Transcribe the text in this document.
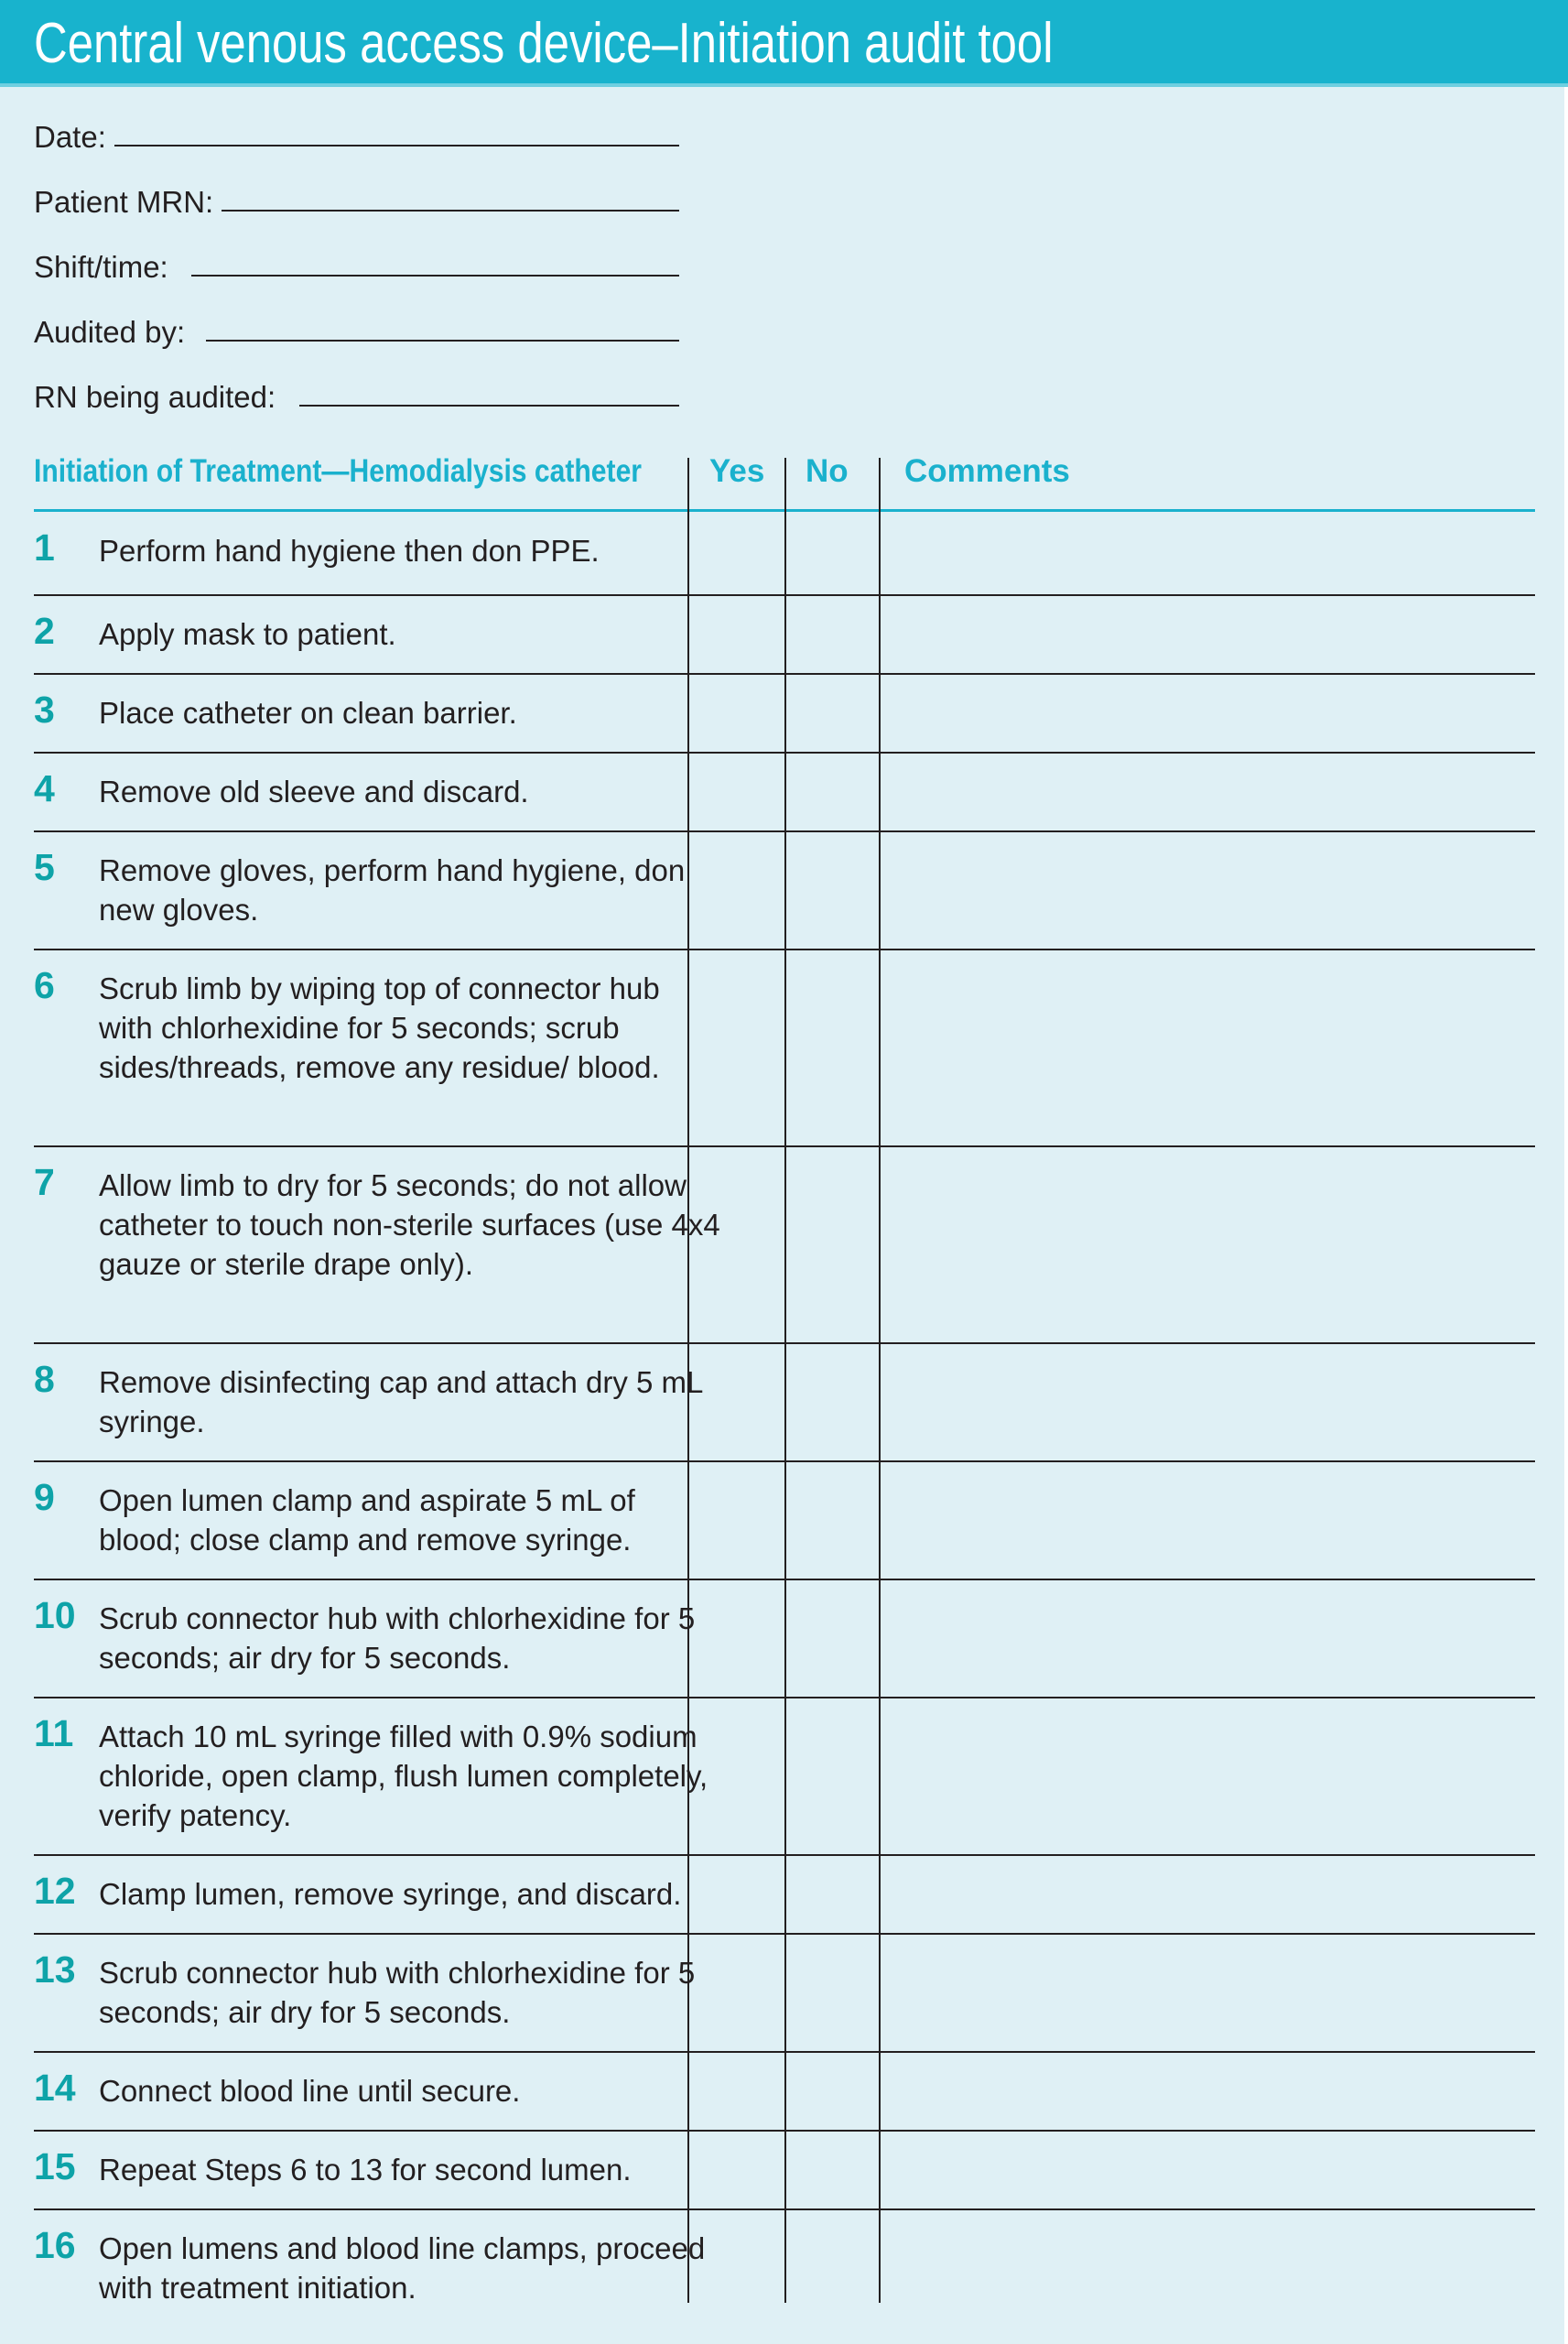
Central venous access device–Initiation audit tool
Date:
Patient MRN:
Shift/time:
Audited by:
RN being audited:
Initiation of Treatment—Hemodialysis catheter Yes No Comments
1 Perform hand hygiene then don PPE.
2 Apply mask to patient.
3 Place catheter on clean barrier.
4 Remove old sleeve and discard.
5 Remove gloves, perform hand hygiene, don new gloves.
6 Scrub limb by wiping top of connector hub with chlorhexidine for 5 seconds; scrub sides/threads, remove any residue/ blood.
7 Allow limb to dry for 5 seconds; do not allow catheter to touch non-sterile surfaces (use 4x4 gauze or sterile drape only).
8 Remove disinfecting cap and attach dry 5 mL syringe.
9 Open lumen clamp and aspirate 5 mL of blood; close clamp and remove syringe.
10 Scrub connector hub with chlorhexidine for 5 seconds; air dry for 5 seconds.
11 Attach 10 mL syringe filled with 0.9% sodium chloride, open clamp, flush lumen completely, verify patency.
12 Clamp lumen, remove syringe, and discard.
13 Scrub connector hub with chlorhexidine for 5 seconds; air dry for 5 seconds.
14 Connect blood line until secure.
15 Repeat Steps 6 to 13 for second lumen.
16 Open lumens and blood line clamps, proceed with treatment initiation.
